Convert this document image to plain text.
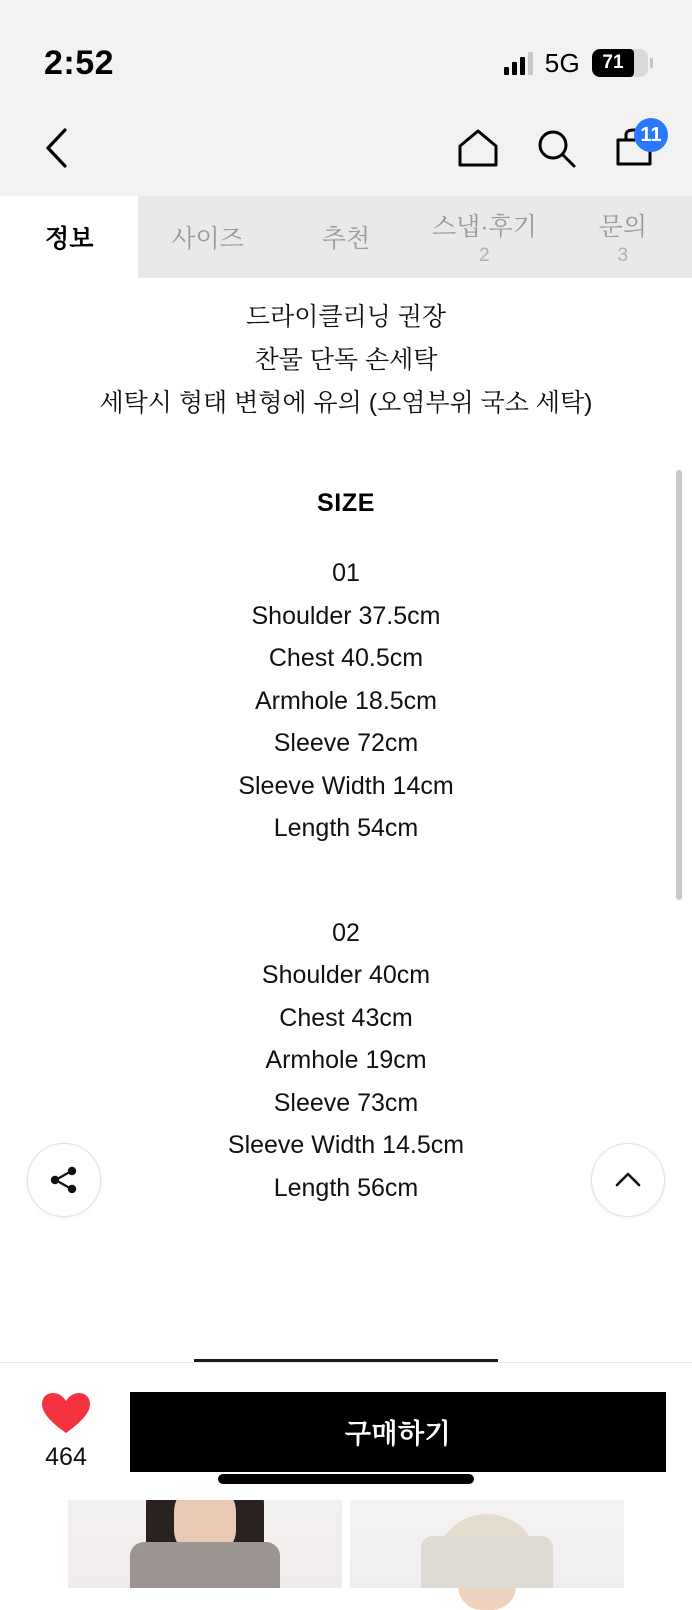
2:52	5G 71
11
정보	사이즈	추천 스냅·후기
2
문의
3
드라이클리닝 권장
찬물 단독 손세탁
세탁시 형태 변형에 유의 (오염부위 국소 세탁)
SIZE
01
Shoulder 37.5cm
Chest 40.5cm
Armhole 18.5cm
Sleeve 72cm
Sleeve Width 14cm
Length 54cm
02
Shoulder 40cm
Chest 43cm
Armhole 19cm
Sleeve 73cm
Sleeve Width 14.5cm
Length 56cm
464
구매하기
